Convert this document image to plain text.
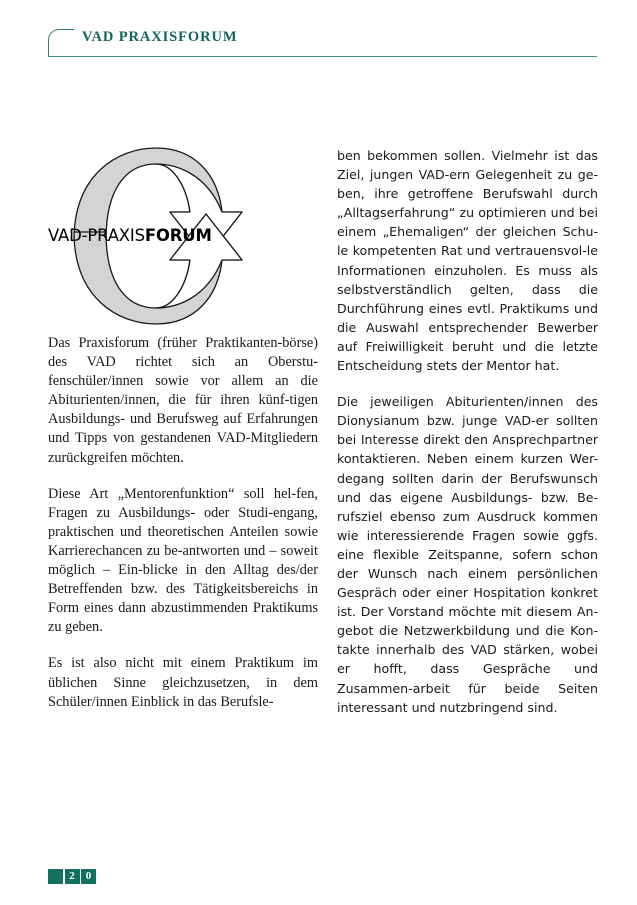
VAD PRAXISFORUM
VAD-PRAXISFORUM

Das Praxisforum (früher Praktikanten-börse) des VAD richtet sich an Oberstu-fenschüler/innen sowie vor allem an die Abiturienten/innen, die für ihren künf-tigen Ausbildungs- und Berufsweg auf Erfahrungen und Tipps von gestandenen VAD-Mitgliedern zurückgreifen möchten.

Diese Art „Mentorenfunktion“ soll hel-fen, Fragen zu Ausbildungs- oder Studi-engang, praktischen und theoretischen Anteilen sowie Karrierechancen zu be-antworten und – soweit möglich – Ein-blicke in den Alltag des/der Betreffenden bzw. des Tätigkeitsbereichs in Form eines dann abzustimmenden Praktikums zu geben.

Es ist also nicht mit einem Praktikum im üblichen Sinne gleichzusetzen, in dem Schüler/innen Einblick in das Berufsle-

ben bekommen sollen. Vielmehr ist das Ziel, jungen VAD-ern Gelegenheit zu ge-ben, ihre getroffene Berufswahl durch „Alltagserfahrung“ zu optimieren und bei einem „Ehemaligen“ der gleichen Schu-le kompetenten Rat und vertrauensvol-le Informationen einzuholen. Es muss als selbstverständlich gelten, dass die Durchführung eines evtl. Praktikums und die Auswahl entsprechender Bewerber auf Freiwilligkeit beruht und die letzte Entscheidung stets der Mentor hat.

Die jeweiligen Abiturienten/innen des Dionysianum bzw. junge VAD-er sollten bei Interesse direkt den Ansprechpartner kontaktieren. Neben einem kurzen Wer-degang sollten darin der Berufswunsch und das eigene Ausbildungs- bzw. Be-rufsziel ebenso zum Ausdruck kommen wie interessierende Fragen sowie ggfs. eine flexible Zeitspanne, sofern schon der Wunsch nach einem persönlichen Gespräch oder einer Hospitation konkret ist. Der Vorstand möchte mit diesem An-gebot die Netzwerkbildung und die Kon-takte innerhalb des VAD stärken, wobei er hofft, dass Gespräche und Zusammen-arbeit für beide Seiten interessant und nutzbringend sind.

2	0
